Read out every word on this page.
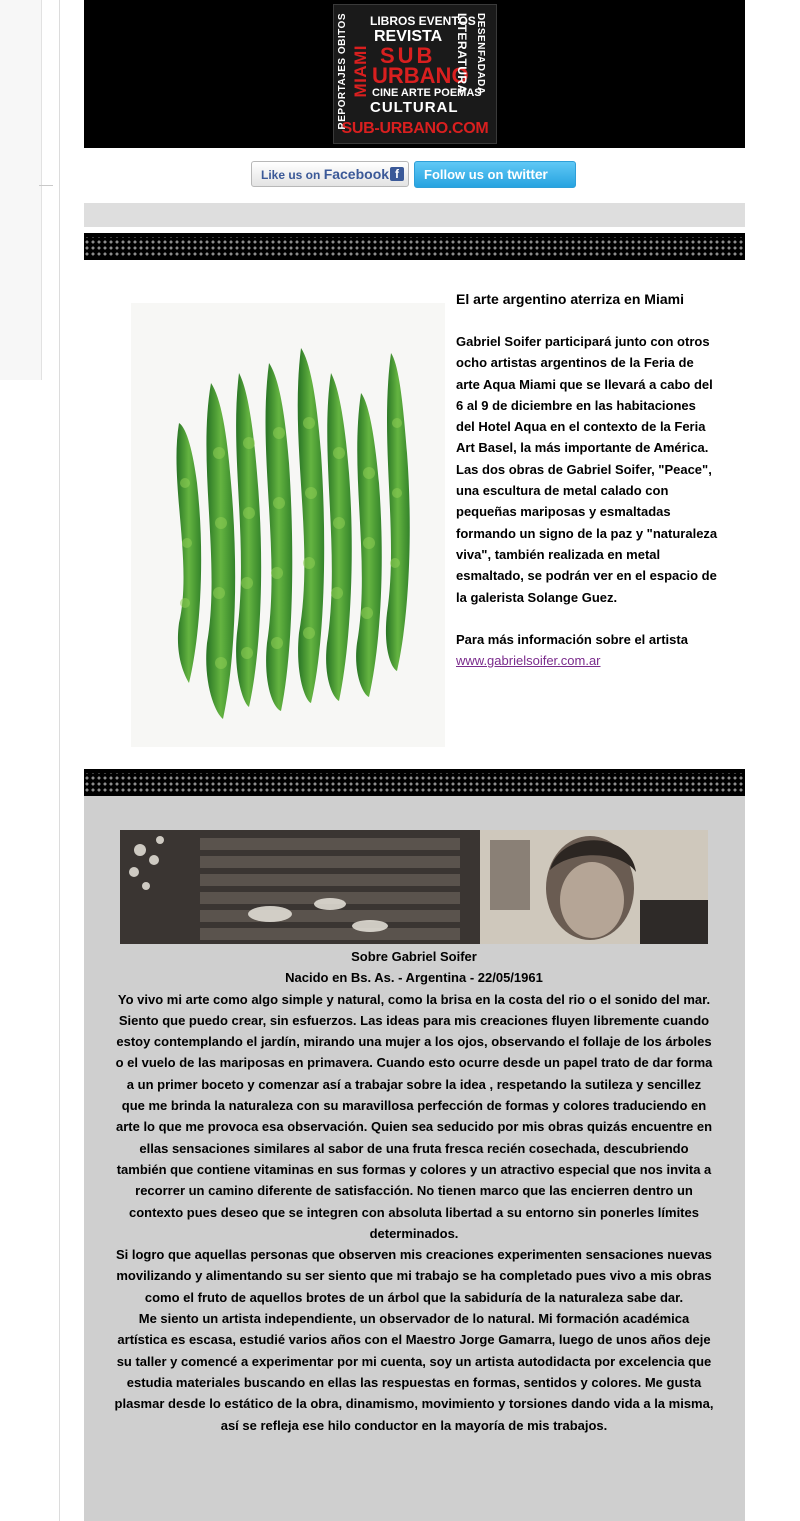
REPORTAJES OBITOS MIAMI
LIBROS EVENTOS
REVISTA
SUB
URBANO
CINE ARTE POEMAS
CULTURAL
LITERATURA DESENFADADA
SUB-URBANO.COM
Like us on Facebook f	Follow us on twitter
El arte argentino aterriza en Miami

Gabriel Soifer participará junto con otros ocho artistas argentinos de la Feria de arte Aqua Miami que se llevará a cabo del 6 al 9 de diciembre en las habitaciones del Hotel Aqua en el contexto de la Feria Art Basel, la más importante de América. Las dos obras de Gabriel Soifer, "Peace", una escultura de metal calado con pequeñas mariposas y esmaltadas formando un signo de la paz y "naturaleza viva", también realizada en metal esmaltado, se podrán ver en el espacio de la galerista Solange Guez.

Para más información sobre el artista

www.gabrielsoifer.com.ar

Sobre Gabriel Soifer

Nacido en Bs. As. - Argentina - 22/05/1961

Yo vivo mi arte como algo simple y natural, como la brisa en la costa del rio o el sonido del mar.

Siento que puedo crear, sin esfuerzos. Las ideas para mis creaciones fluyen libremente cuando estoy contemplando el jardín, mirando una mujer a los ojos, observando el follaje de los árboles o el vuelo de las mariposas en primavera. Cuando esto ocurre desde un papel trato de dar forma a un primer boceto y comenzar así a trabajar sobre la idea , respetando la sutileza y sencillez que me brinda la naturaleza con su maravillosa perfección de formas y colores traduciendo en arte lo que me provoca esa observación. Quien sea seducido por mis obras quizás encuentre en ellas sensaciones similares al sabor de una fruta fresca recién cosechada, descubriendo también que contiene vitaminas en sus formas y colores y un atractivo especial que nos invita a recorrer un camino diferente de satisfacción. No tienen marco que las encierren dentro un contexto pues deseo que se integren con absoluta libertad a su entorno sin ponerles límites determinados.

Si logro que aquellas personas que observen mis creaciones experimenten sensaciones nuevas movilizando y alimentando su ser siento que mi trabajo se ha completado pues vivo a mis obras como el fruto de aquellos brotes de un árbol que la sabiduría de la naturaleza sabe dar.

Me siento un artista independiente, un observador de lo natural. Mi formación académica artística es escasa, estudié varios años con el Maestro Jorge Gamarra, luego de unos años deje su taller y comencé a experimentar por mi cuenta, soy un artista autodidacta por excelencia que estudia materiales buscando en ellas las respuestas en formas, sentidos y colores. Me gusta plasmar desde lo estático de la obra, dinamismo, movimiento y torsiones dando vida a la misma, así se refleja ese hilo conductor en la mayoría de mis trabajos.
